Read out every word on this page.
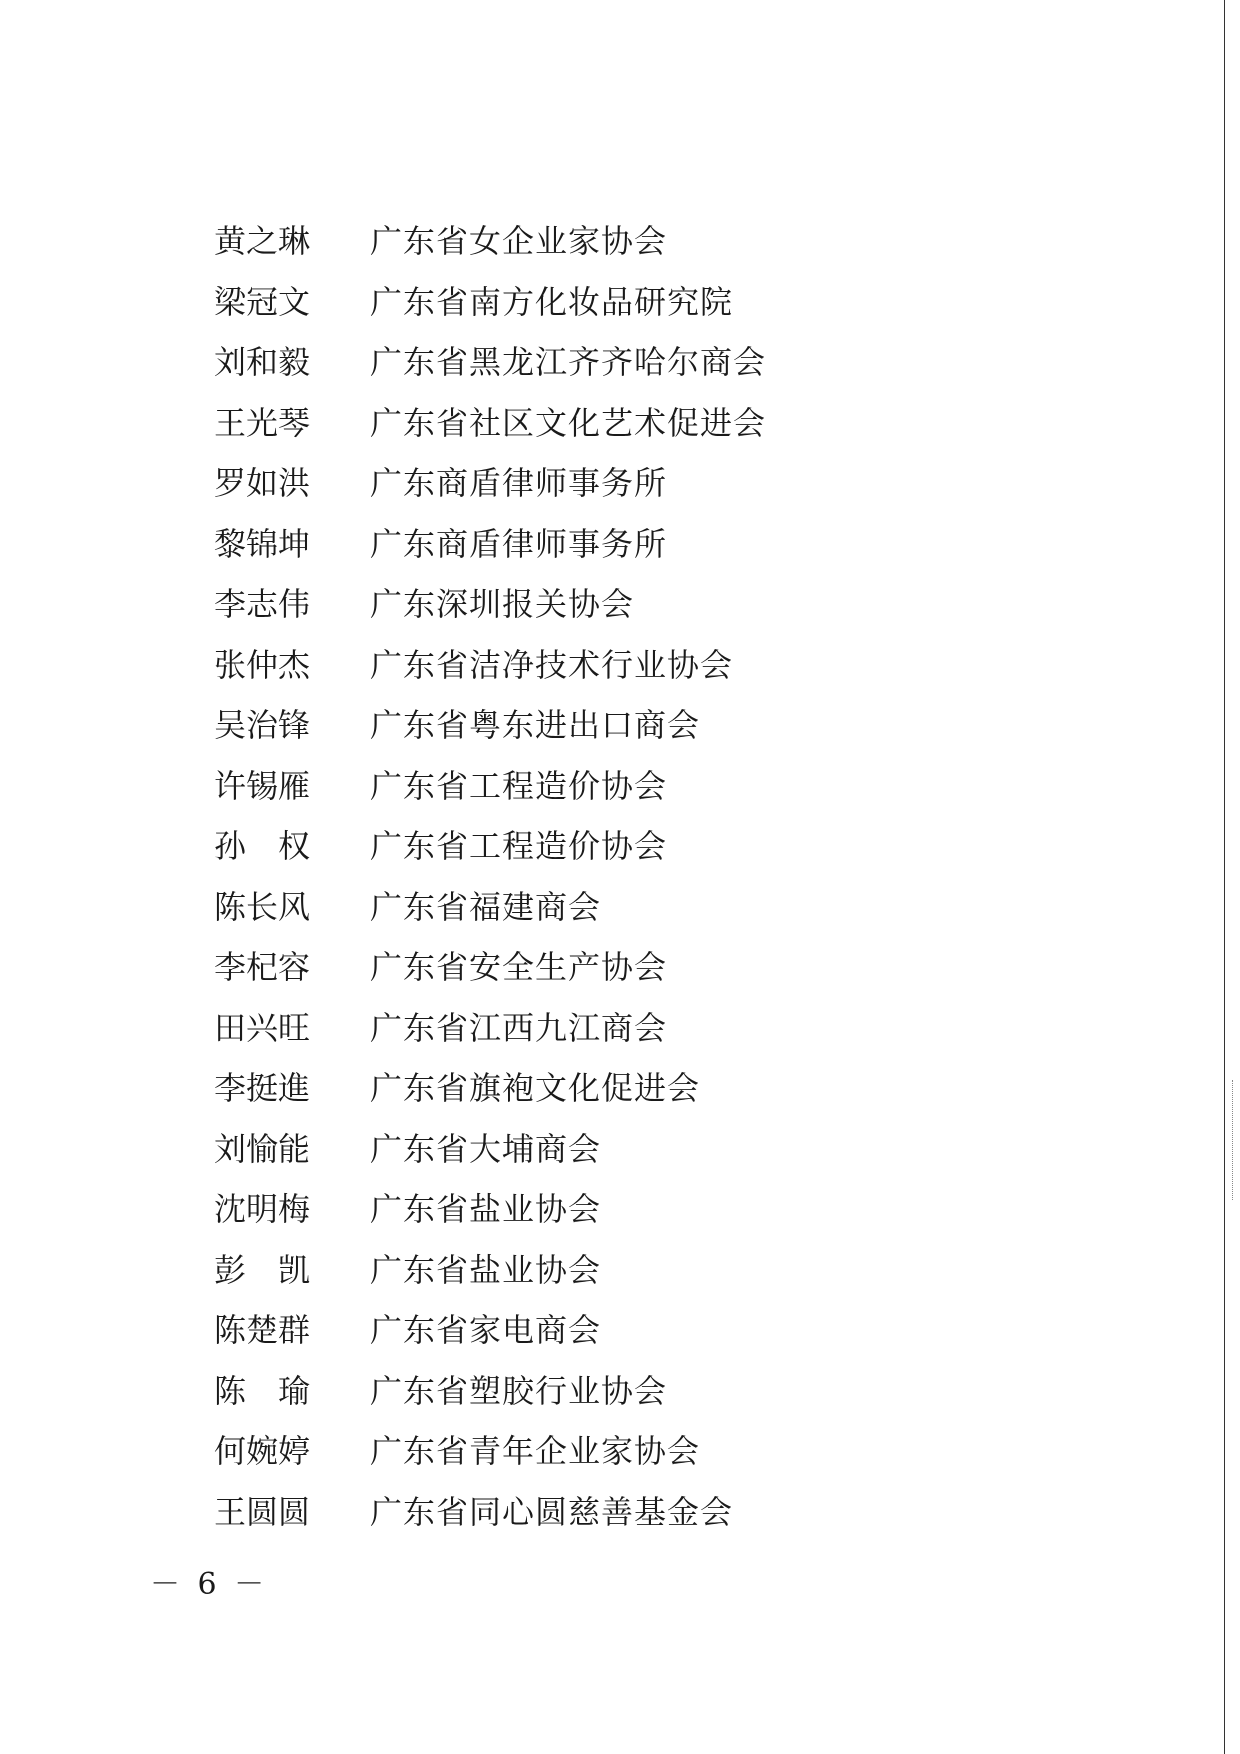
黄之琳 广东省女企业家协会
梁冠文 广东省南方化妆品研究院
刘和毅 广东省黑龙江齐齐哈尔商会
王光琴 广东省社区文化艺术促进会
罗如洪 广东商盾律师事务所
黎锦坤 广东商盾律师事务所
李志伟 广东深圳报关协会
张仲杰 广东省洁净技术行业协会
吴治锋 广东省粤东进出口商会
许锡雁 广东省工程造价协会
孙　权 广东省工程造价协会
陈长风 广东省福建商会
李杞容 广东省安全生产协会
田兴旺 广东省江西九江商会
李挺進 广东省旗袍文化促进会
刘愉能 广东省大埔商会
沈明梅 广东省盐业协会
彭　凯 广东省盐业协会
陈楚群 广东省家电商会
陈　瑜 广东省塑胶行业协会
何婉婷 广东省青年企业家协会
王圆圆 广东省同心圆慈善基金会
－ 6 －
